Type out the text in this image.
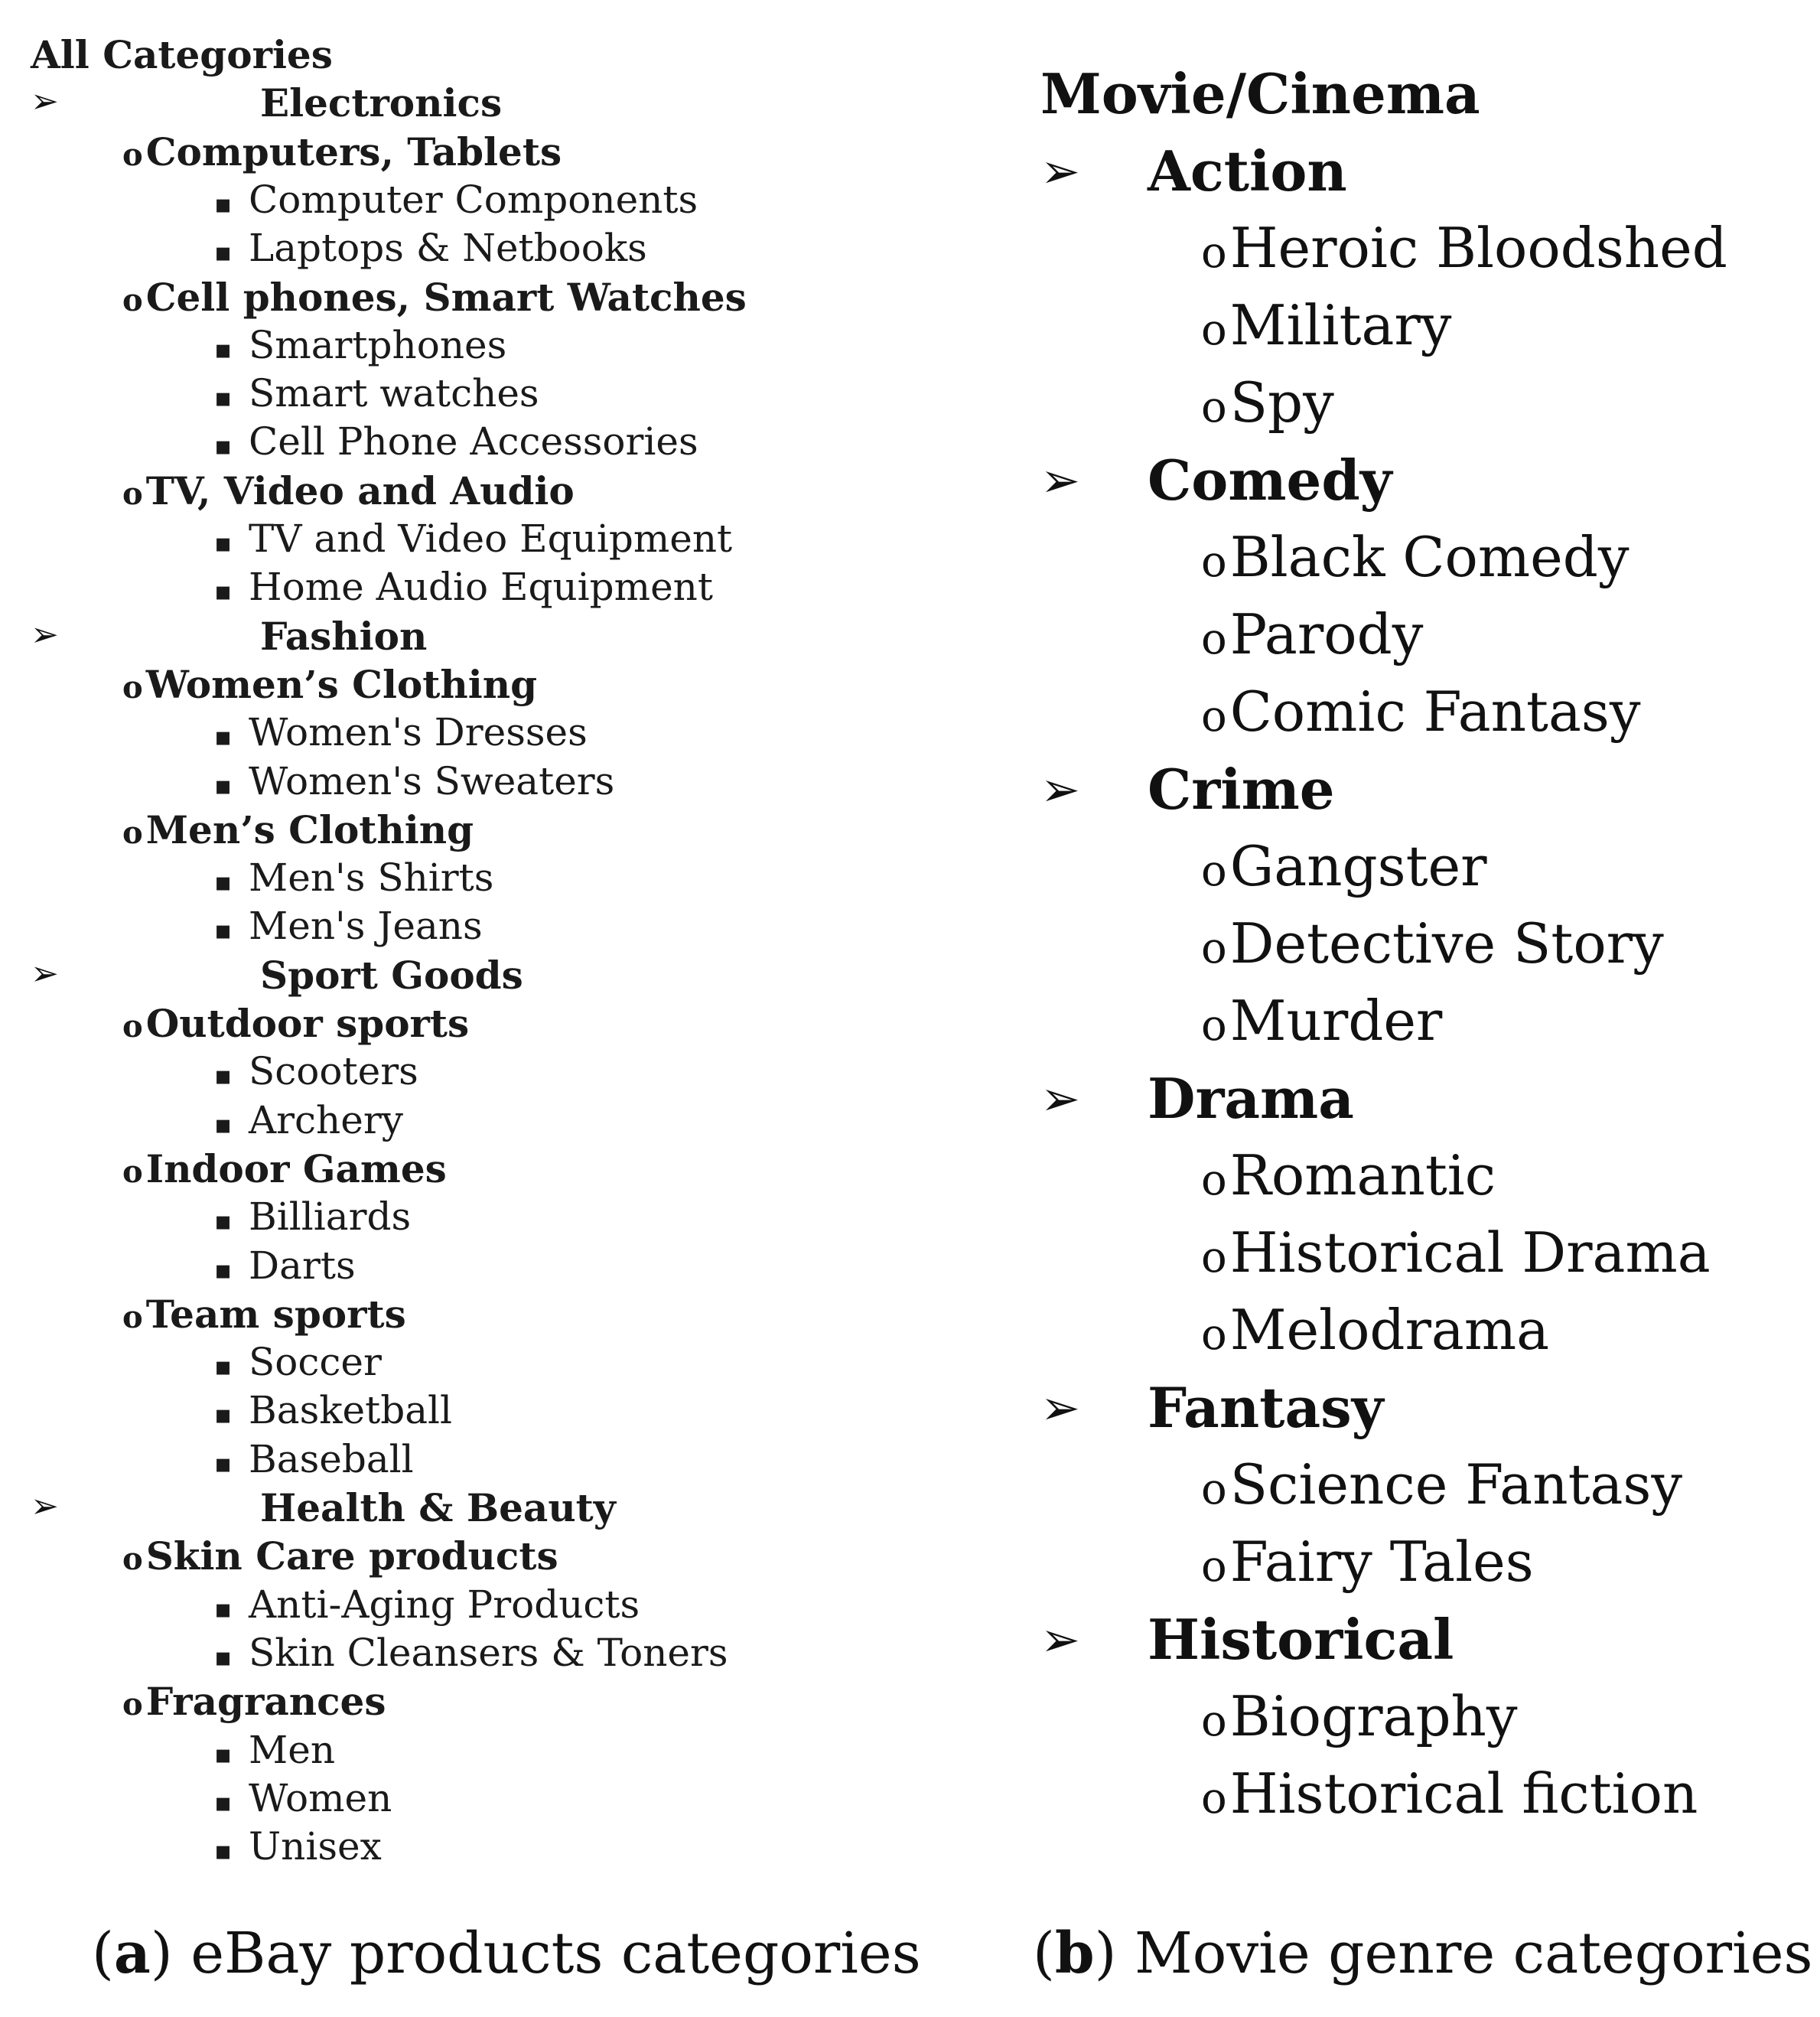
All Categories
➢	Electronics
oComputers, Tablets
▪ Computer Components
▪ Laptops & Netbooks
oCell phones, Smart Watches
▪ Smartphones
▪ Smart watches
▪ Cell Phone Accessories
oTV, Video and Audio
▪ TV and Video Equipment
▪ Home Audio Equipment
➢	Fashion
oWomen’s Clothing
▪ Women's Dresses
▪ Women's Sweaters
oMen’s Clothing
▪ Men's Shirts
▪ Men's Jeans
➢	Sport Goods
oOutdoor sports
▪ Scooters
▪ Archery
oIndoor Games
▪ Billiards
▪ Darts
oTeam sports
▪ Soccer
▪ Basketball
▪ Baseball
➢	Health & Beauty
oSkin Care products
▪ Anti-Aging Products
▪ Skin Cleansers & Toners
oFragrances
▪ Men
▪ Women
▪ Unisex
Movie/Cinema
➢ Action
oHeroic Bloodshed
oMilitary
oSpy
➢ Comedy
oBlack Comedy
oParody
oComic Fantasy
➢ Crime
oGangster
oDetective Story
oMurder
➢ Drama
oRomantic
oHistorical Drama
oMelodrama
➢ Fantasy
oScience Fantasy
oFairy Tales
➢ Historical
oBiography
oHistorical fiction
(a) eBay products categories (b) Movie genre categories
